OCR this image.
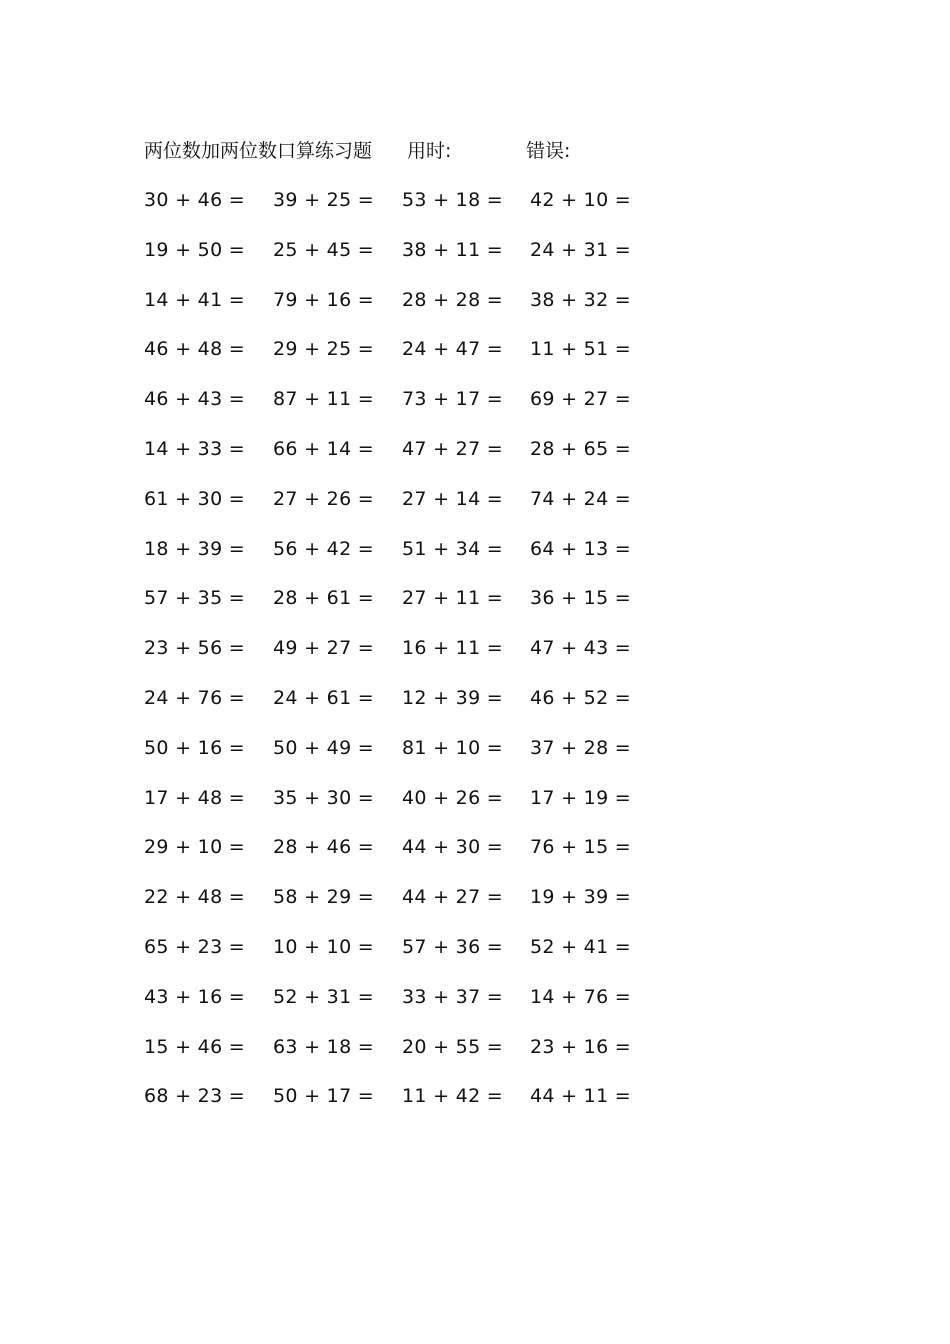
两位数加两位数口算练习题 用时:	错误:
30 + 46 = 39 + 25 = 53 + 18 = 42 + 10 =
19 + 50 = 25 + 45 = 38 + 11 = 24 + 31 =
14 + 41 = 79 + 16 = 28 + 28 = 38 + 32 =
46 + 48 = 29 + 25 = 24 + 47 = 11 + 51 =
46 + 43 = 87 + 11 = 73 + 17 = 69 + 27 =
14 + 33 = 66 + 14 = 47 + 27 = 28 + 65 =
61 + 30 = 27 + 26 = 27 + 14 = 74 + 24 =
18 + 39 = 56 + 42 = 51 + 34 = 64 + 13 =
57 + 35 = 28 + 61 = 27 + 11 = 36 + 15 =
23 + 56 = 49 + 27 = 16 + 11 = 47 + 43 =
24 + 76 = 24 + 61 = 12 + 39 = 46 + 52 =
50 + 16 = 50 + 49 = 81 + 10 = 37 + 28 =
17 + 48 = 35 + 30 = 40 + 26 = 17 + 19 =
29 + 10 = 28 + 46 = 44 + 30 = 76 + 15 =
22 + 48 = 58 + 29 = 44 + 27 = 19 + 39 =
65 + 23 = 10 + 10 = 57 + 36 = 52 + 41 =
43 + 16 = 52 + 31 = 33 + 37 = 14 + 76 =
15 + 46 = 63 + 18 = 20 + 55 = 23 + 16 =
68 + 23 = 50 + 17 = 11 + 42 = 44 + 11 =
